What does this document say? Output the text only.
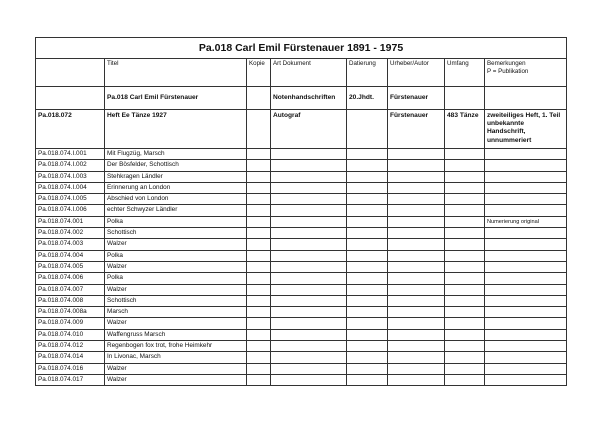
Pa.018 Carl Emil Fürstenauer 1891 - 1975							
	Titel	Kopie	Art Dokument	Datierung	Urheber/Autor	Umfang	Bemerkungen
P = Publikation
	Pa.018 Carl Emil Fürstenauer		Notenhandschriften	20.Jhdt.	Fürstenauer		
Pa.018.072	Heft Ee Tänze 1927		Autograf		Fürstenauer	483 Tänze	zweiteiliges Heft, 1. Teil unbekannte Handschrift, unnummeriert
Pa.018.074.I.001	Mit Flugzüg, Marsch						
Pa.018.074.I.002	Der Bösfelder, Schottisch						
Pa.018.074.I.003	Stehkragen Ländler						
Pa.018.074.I.004	Erinnerung an London						
Pa.018.074.I.005	Abschied von London						
Pa.018.074.I.006	echter Schwyzer Ländler						
Pa.018.074.001	Polka						Numerierung original
Pa.018.074.002	Schottisch						
Pa.018.074.003	Walzer						
Pa.018.074.004	Polka						
Pa.018.074.005	Walzer						
Pa.018.074.006	Polka						
Pa.018.074.007	Walzer						
Pa.018.074.008	Schottisch						
Pa.018.074.008a	Marsch						
Pa.018.074.009	Walzer						
Pa.018.074.010	Waffengruss Marsch						
Pa.018.074.012	Regenbogen fox trot, frohe Heimkehr						
Pa.018.074.014	In Livonac, Marsch						
Pa.018.074.016	Walzer						
Pa.018.074.017	Walzer						
